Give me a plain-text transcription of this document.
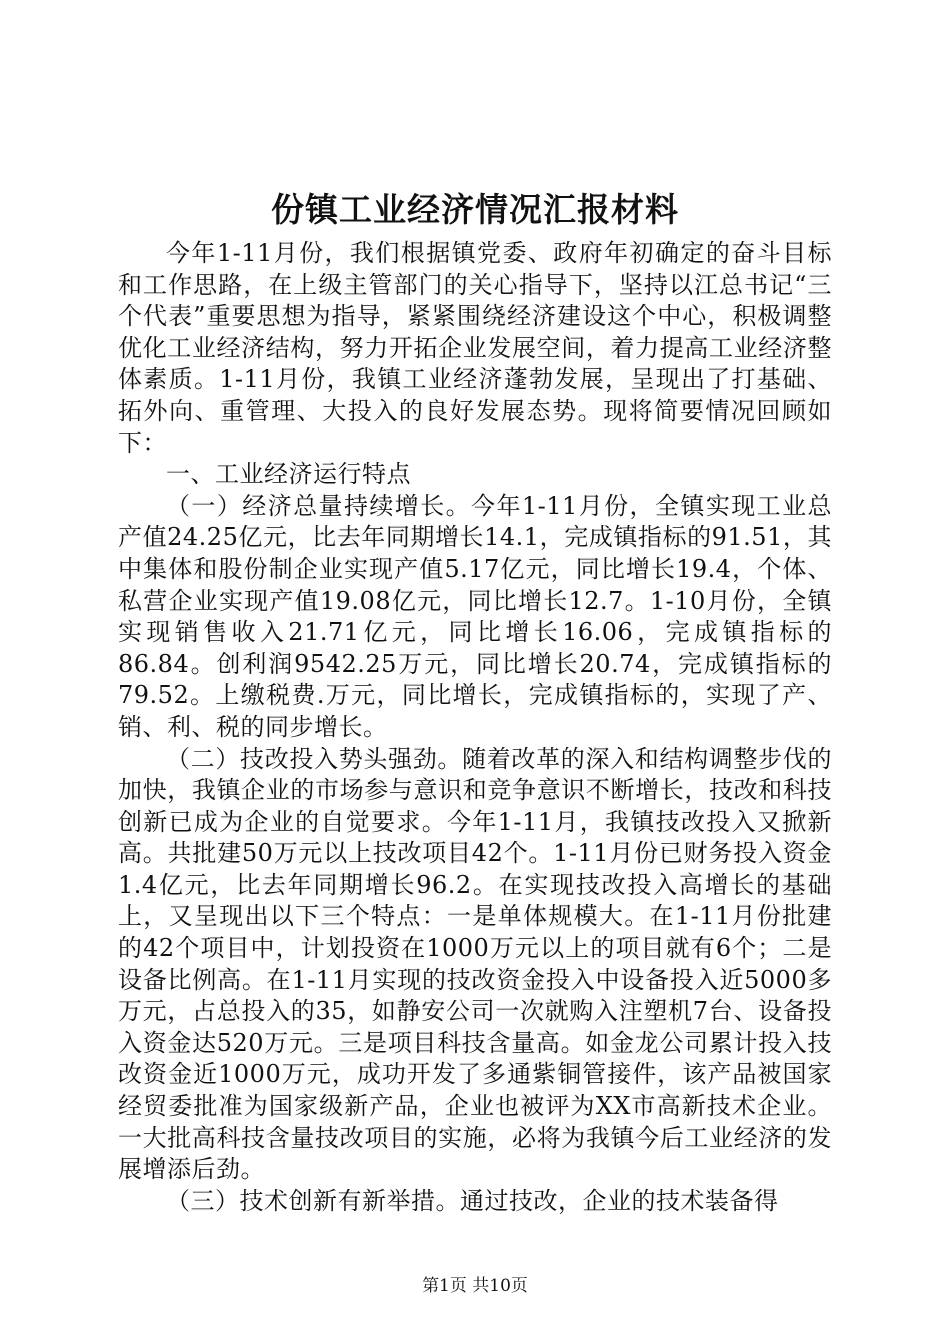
份镇工业经济情况汇报材料

今年1-11月份，我们根据镇党委、政府年初确定的奋斗目标和工作思路，在上级主管部门的关心指导下，坚持以江总书记“三个代表”重要思想为指导，紧紧围绕经济建设这个中心，积极调整优化工业经济结构，努力开拓企业发展空间，着力提高工业经济整体素质。1-11月份，我镇工业经济蓬勃发展，呈现出了打基础、拓外向、重管理、大投入的良好发展态势。现将简要情况回顾如下：

一、工业经济运行特点

（一）经济总量持续增长。今年1-11月份，全镇实现工业总产值24.25亿元，比去年同期增长14.1，完成镇指标的91.51，其中集体和股份制企业实现产值5.17亿元，同比增长19.4，个体、私营企业实现产值19.08亿元，同比增长12.7。1-10月份，全镇实现销售收入21.71亿元，同比增长16.06，完成镇指标的86.84。创利润9542.25万元，同比增长20.74，完成镇指标的79.52。上缴税费.万元，同比增长，完成镇指标的，实现了产、销、利、税的同步增长。

（二）技改投入势头强劲。随着改革的深入和结构调整步伐的加快，我镇企业的市场参与意识和竞争意识不断增长，技改和科技创新已成为企业的自觉要求。今年1-11月，我镇技改投入又掀新高。共批建50万元以上技改项目42个。1-11月份已财务投入资金1.4亿元，比去年同期增长96.2。在实现技改投入高增长的基础上，又呈现出以下三个特点：一是单体规模大。在1-11月份批建的42个项目中，计划投资在1000万元以上的项目就有6个；二是设备比例高。在1-11月实现的技改资金投入中设备投入近5000多万元，占总投入的35，如静安公司一次就购入注塑机7台、设备投入资金达520万元。三是项目科技含量高。如金龙公司累计投入技改资金近1000万元，成功开发了多通紫铜管接件，该产品被国家经贸委批准为国家级新产品，企业也被评为XX市高新技术企业。一大批高科技含量技改项目的实施，必将为我镇今后工业经济的发展增添后劲。

（三）技术创新有新举措。通过技改，企业的技术装备得

第1页 共10页
